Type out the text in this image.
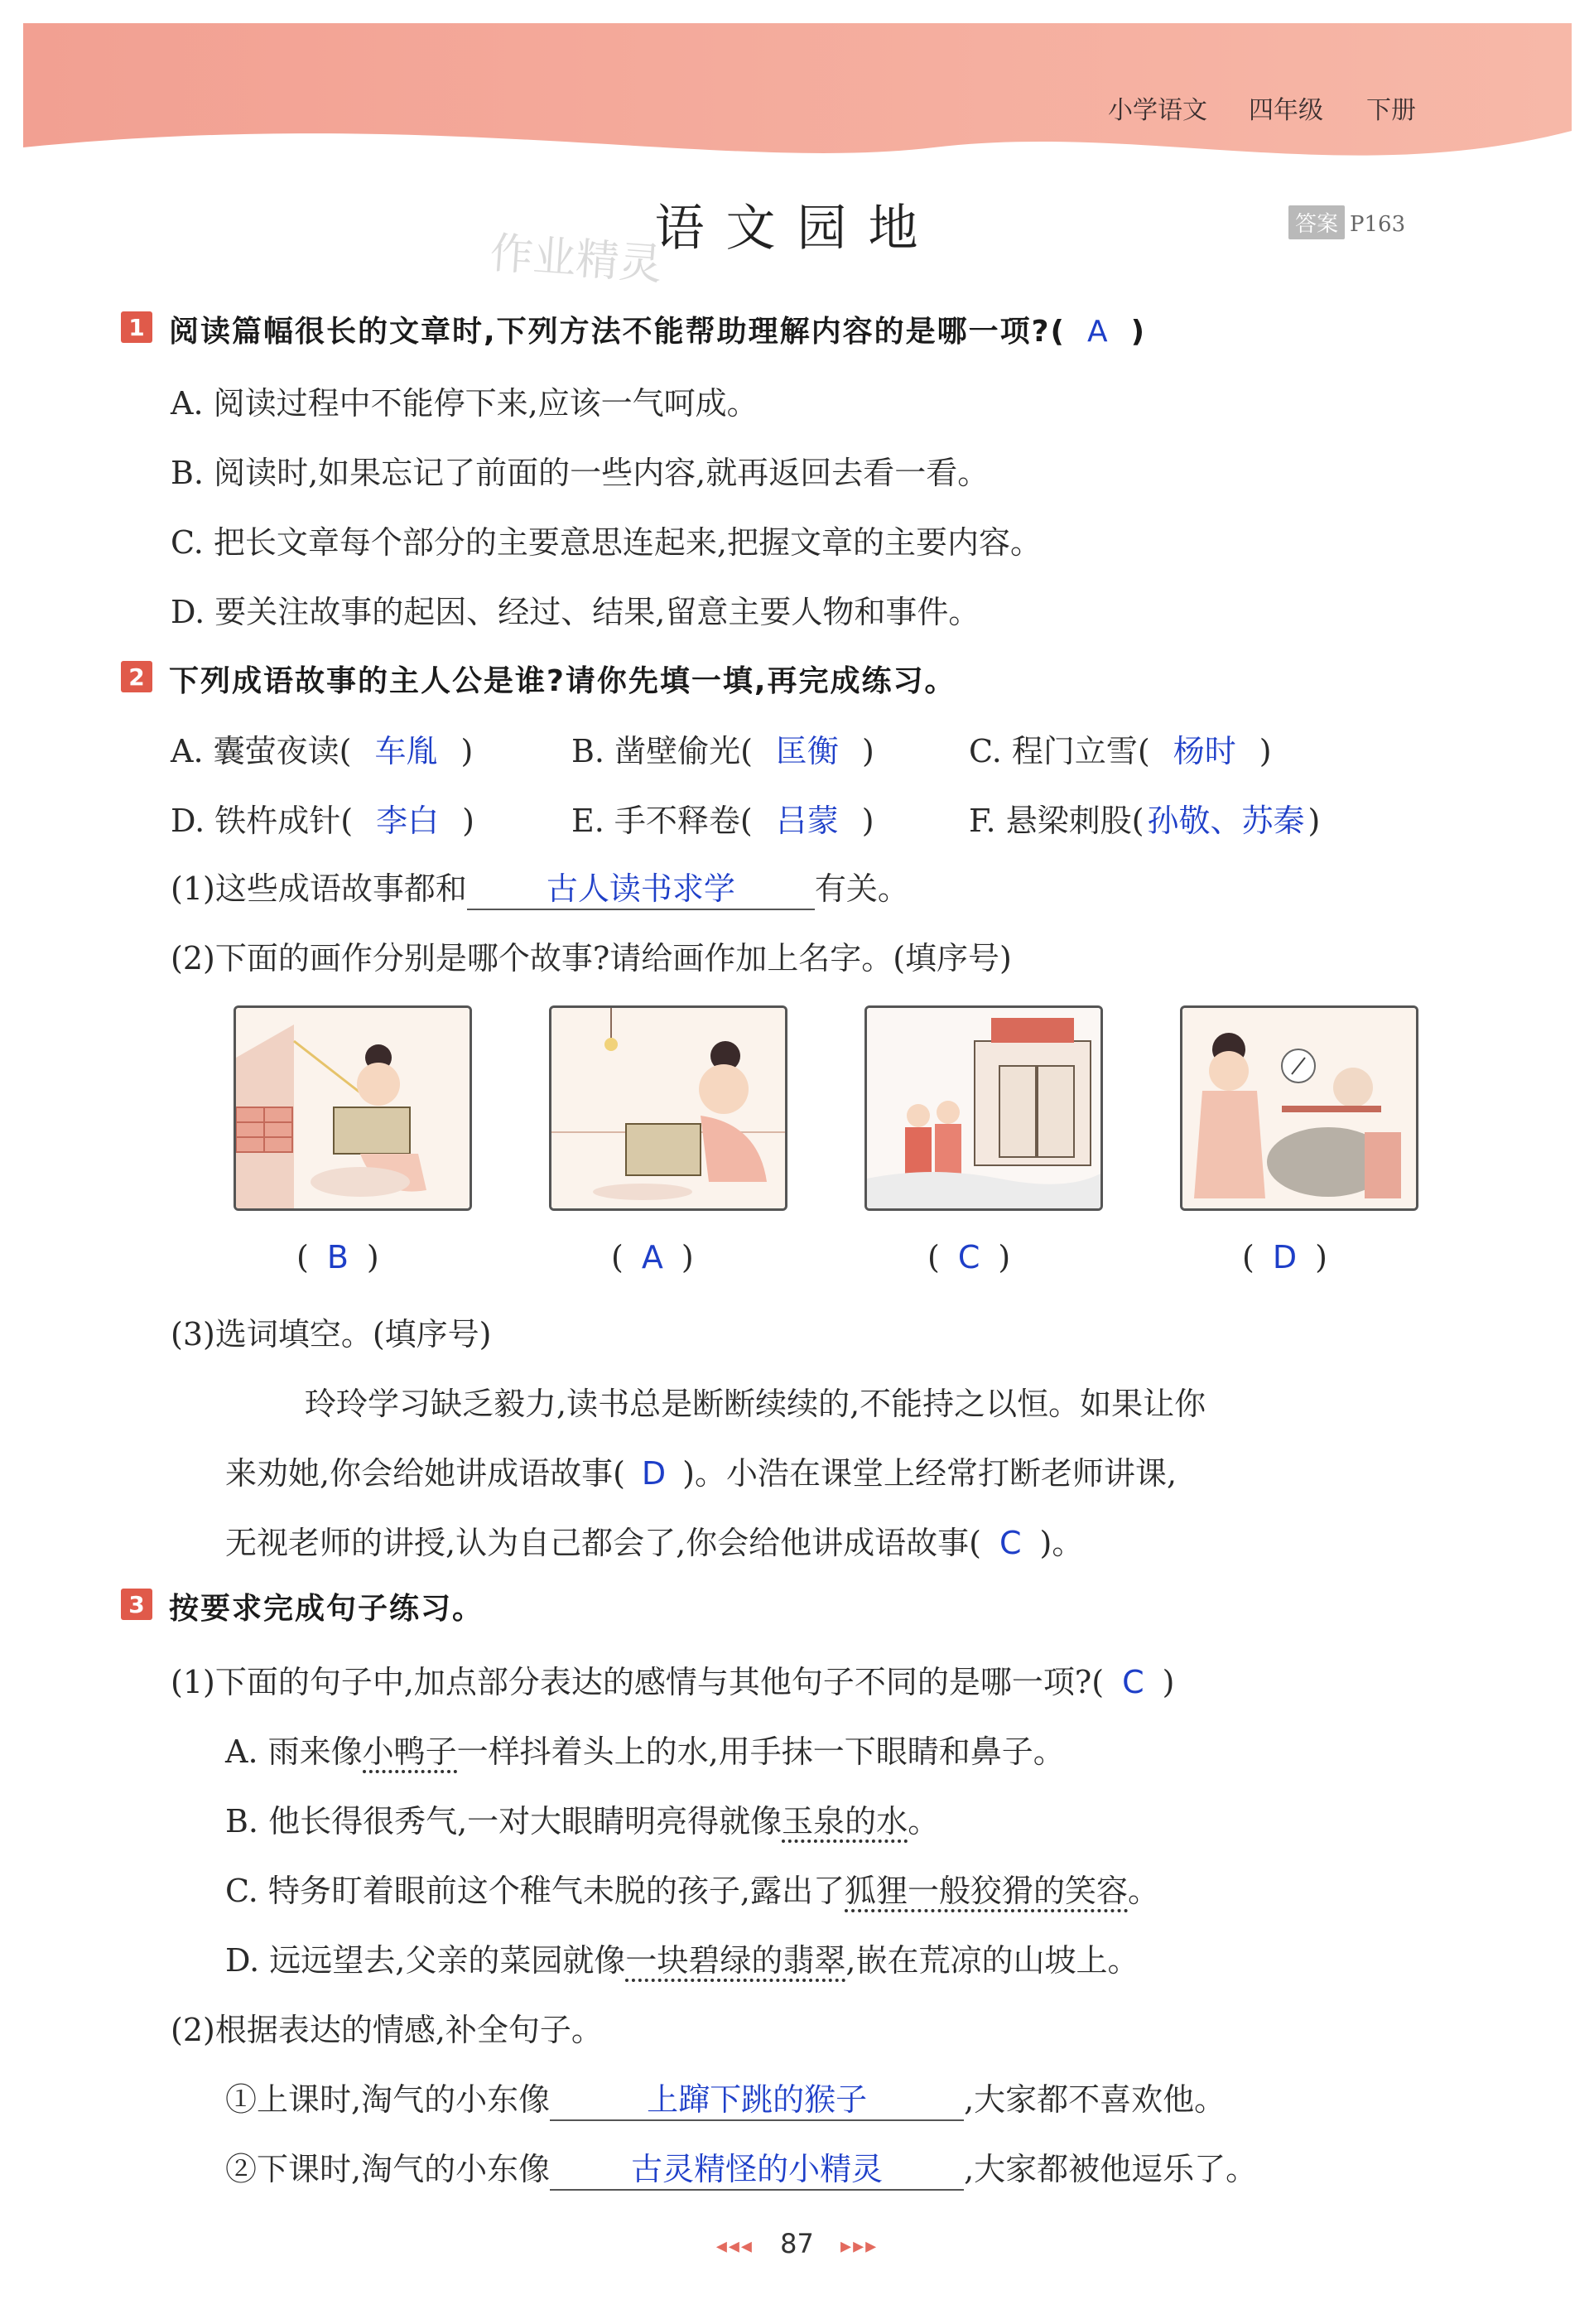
小学语文 四年级 下册
作业精灵
语文园地	答案 P163
1 阅读篇幅很长的文章时,下列方法不能帮助理解内容的是哪一项?( A )
A. 阅读过程中不能停下来,应该一气呵成。
B. 阅读时,如果忘记了前面的一些内容,就再返回去看一看。
C. 把长文章每个部分的主要意思连起来,把握文章的主要内容。
D. 要关注故事的起因、经过、结果,留意主要人物和事件。
2 下列成语故事的主人公是谁?请你先填一填,再完成练习。
A. 囊萤夜读( 车胤 )	B. 凿壁偷光( 匡衡 )	C. 程门立雪( 杨时 )
D. 铁杵成针( 李白 )	E. 手不释卷( 吕蒙 )	F. 悬梁刺股( 孙敬、苏秦 )
(1)这些成语故事都和	古人读书求学	有关。
(2)下面的画作分别是哪个故事?请给画作加上名字。(填序号)
( B )	( A )	( C )	( D )
(3)选词填空。(填序号)
玲玲学习缺乏毅力,读书总是断断续续的,不能持之以恒。如果让你
来劝她,你会给她讲成语故事( D )。小浩在课堂上经常打断老师讲课,
无视老师的讲授,认为自己都会了,你会给他讲成语故事( C )。
3 按要求完成句子练习。
(1)下面的句子中,加点部分表达的感情与其他句子不同的是哪一项?( C )
A. 雨来像小鸭子一样抖着头上的水,用手抹一下眼睛和鼻子。
B. 他长得很秀气,一对大眼睛明亮得就像玉泉的水。
C. 特务盯着眼前这个稚气未脱的孩子,露出了狐狸一般狡猾的笑容。
D. 远远望去,父亲的菜园就像一块碧绿的翡翠,嵌在荒凉的山坡上。
(2)根据表达的情感,补全句子。
①上课时,淘气的小东像	上蹿下跳的猴子	,大家都不喜欢他。
②下课时,淘气的小东像	古灵精怪的小精灵	,大家都被他逗乐了。
◂◂◂ 87 ▸▸▸
